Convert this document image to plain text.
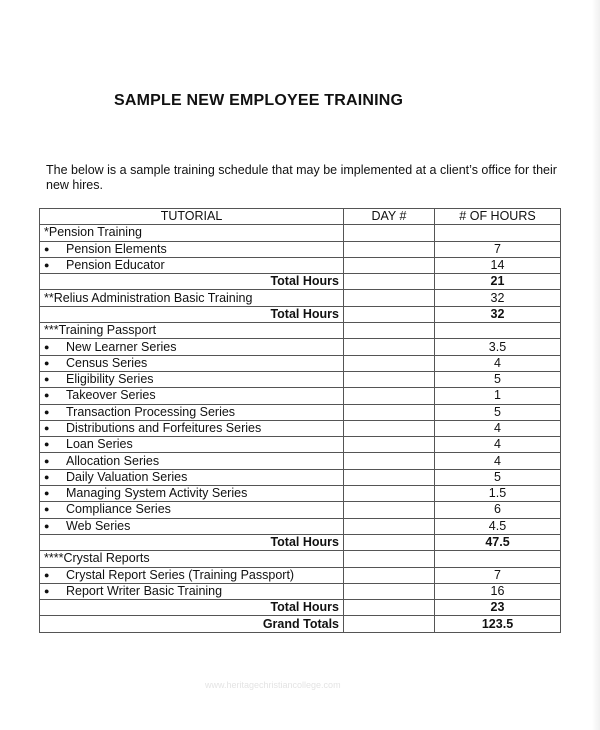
SAMPLE NEW EMPLOYEE TRAINING
The below is a sample training schedule that may be implemented at a client’s office for their new hires.
TUTORIAL	DAY #	# OF HOURS
*Pension Training		
● Pension Elements		7
● Pension Educator		14
Total Hours		21
**Relius Administration Basic Training		32
Total Hours		32
***Training Passport		
● New Learner Series		3.5
● Census Series		4
● Eligibility Series		5
● Takeover Series		1
● Transaction Processing Series		5
● Distributions and Forfeitures Series		4
● Loan Series		4
● Allocation Series		4
● Daily Valuation Series		5
● Managing System Activity Series		1.5
● Compliance Series		6
● Web Series		4.5
Total Hours		47.5
****Crystal Reports		
● Crystal Report Series (Training Passport)		7
● Report Writer Basic Training		16
Total Hours		23
Grand Totals		123.5
www.heritagechristiancollege.com
